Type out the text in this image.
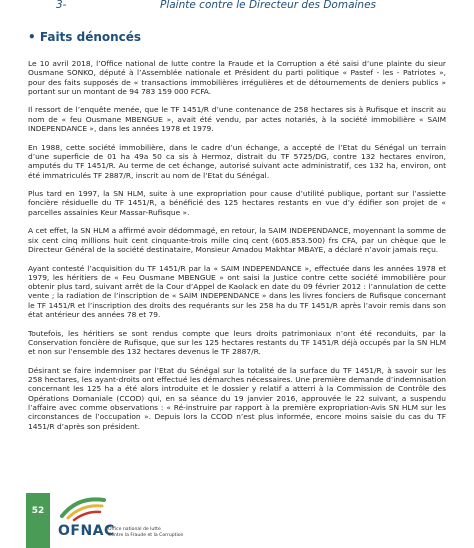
3-	Plainte contre le Directeur des Domaines
• Faits dénoncés

Le 10 avril 2018, l’Office national de lutte contre la Fraude et la Corruption a été saisi d’une plainte du sieur Ousmane SONKO, député à l’Assemblée nationale et Président du parti politique « Pastef - les - Patriotes », pour des faits supposés de « transactions immobilières irrégulières et de détournements de deniers publics » portant sur un montant de 94 783 159 000 FCFA.

Il ressort de l’enquête menée, que le TF 1451/R d’une contenance de 258 hectares sis à Rufisque et inscrit au nom de « feu Ousmane MBENGUE », avait été vendu, par actes notariés, à la société immobilière « SAIM INDEPENDANCE », dans les années 1978 et 1979.

En 1988, cette société immobilière, dans le cadre d’un échange, a accepté de l’Etat du Sénégal un terrain d’une superficie de 01 ha 49a 50 ca sis à Hermoz, distrait du TF 5725/DG, contre 132 hectares environ, amputés du TF 1451/R. Au terme de cet échange, autorisé suivant acte administratif, ces 132 ha, environ, ont été immatriculés TF 2887/R, inscrit au nom de l’Etat du Sénégal.

Plus tard en 1997, la SN HLM, suite à une expropriation pour cause d’utilité publique, portant sur l’assiette foncière résiduelle du TF 1451/R, a bénéficié des 125 hectares restants en vue d’y édifier son projet de « parcelles assainies Keur Massar-Rufisque ».

A cet effet, la SN HLM a affirmé avoir dédommagé, en retour, la SAIM INDEPENDANCE, moyennant la somme de six cent cinq millions huit cent cinquante-trois mille cinq cent (605.853.500) frs CFA, par un chèque que le Directeur Général de la société destinataire, Monsieur Amadou Makhtar MBAYE, a déclaré n’avoir jamais reçu.

Ayant contesté l’acquisition du TF 1451/R par la « SAIM INDEPENDANCE », effectuée dans les années 1978 et 1979, les héritiers de « Feu Ousmane MBENGUE » ont saisi la Justice contre cette société immobilière pour obtenir plus tard, suivant arrêt de la Cour d’Appel de Kaolack en date du 09 février 2012 : l’annulation de cette vente ; la radiation de l’inscription de « SAIM INDEPENDANCE » dans les livres fonciers de Rufisque concernant le TF 1451/R et l’inscription des droits des requérants sur les 258 ha du TF 1451/R après l’avoir remis dans son état antérieur des années 78 et 79.

Toutefois, les héritiers se sont rendus compte que leurs droits patrimoniaux n’ont été reconduits, par la Conservation foncière de Rufisque, que sur les 125 hectares restants du TF 1451/R déjà occupés par la SN HLM et non sur l’ensemble des 132 hectares devenus le TF 2887/R.

Désirant se faire indemniser par l’Etat du Sénégal sur la totalité de la surface du TF 1451/R, à savoir sur les 258 hectares, les ayant-droits ont effectué les démarches nécessaires. Une première demande d’indemnisation concernant les 125 ha a été alors introduite et le dossier y relatif a atterri à la Commission de Contrôle des Opérations Domaniale (CCOD) qui, en sa séance du 19 janvier 2016, approuvée le 22 suivant, a suspendu l’affaire avec comme observations : « Ré-instruire par rapport à la première expropriation-Avis SN HLM sur les circonstances de l’occupation ». Depuis lors la CCOD n’est plus informée, encore moins saisie du cas du TF 1451/R d’après son président.

52
OFNAC
Office national de lutte
Contre la Fraude et la Corruption
